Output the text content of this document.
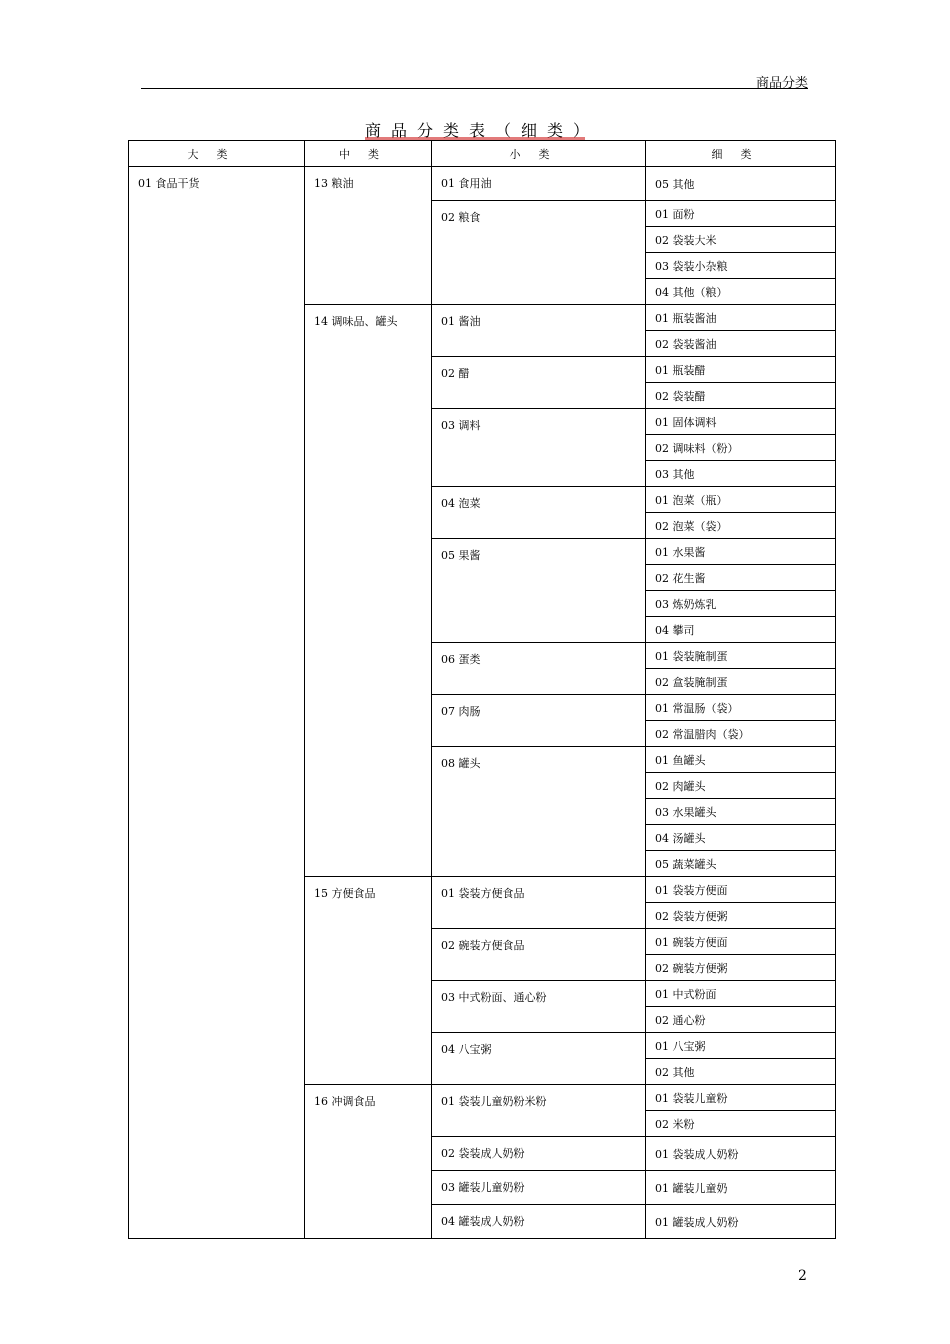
商品分类
商品分类表（细类）
大类	中类	小类	细类
01 食品干货	13 粮油	01 食用油	05 其他
		02 粮食	01 面粉
			02 袋装大米
			03 袋装小杂粮
			04 其他（粮）
	14 调味品、罐头	01 酱油	01 瓶装酱油
			02 袋装酱油
		02 醋	01 瓶装醋
			02 袋装醋
		03 调料	01 固体调料
			02 调味料（粉）
			03 其他
		04 泡菜	01 泡菜（瓶）
			02 泡菜（袋）
		05 果酱	01 水果酱
			02 花生酱
			03 炼奶炼乳
			04 攀司
		06 蛋类	01 袋装腌制蛋
			02 盒装腌制蛋
		07 肉肠	01 常温肠（袋）
			02 常温腊肉（袋）
		08 罐头	01 鱼罐头
			02 肉罐头
			03 水果罐头
			04 汤罐头
			05 蔬菜罐头
	15 方便食品	01 袋装方便食品	01 袋装方便面
			02 袋装方便粥
		02 碗装方便食品	01 碗装方便面
			02 碗装方便粥
		03 中式粉面、通心粉	01 中式粉面
			02 通心粉
		04 八宝粥	01 八宝粥
			02 其他
	16 冲调食品	01 袋装儿童奶粉米粉	01 袋装儿童粉
			02 米粉
		02 袋装成人奶粉	01 袋装成人奶粉
		03 罐装儿童奶粉	01 罐装儿童奶
		04 罐装成人奶粉	01 罐装成人奶粉
2
